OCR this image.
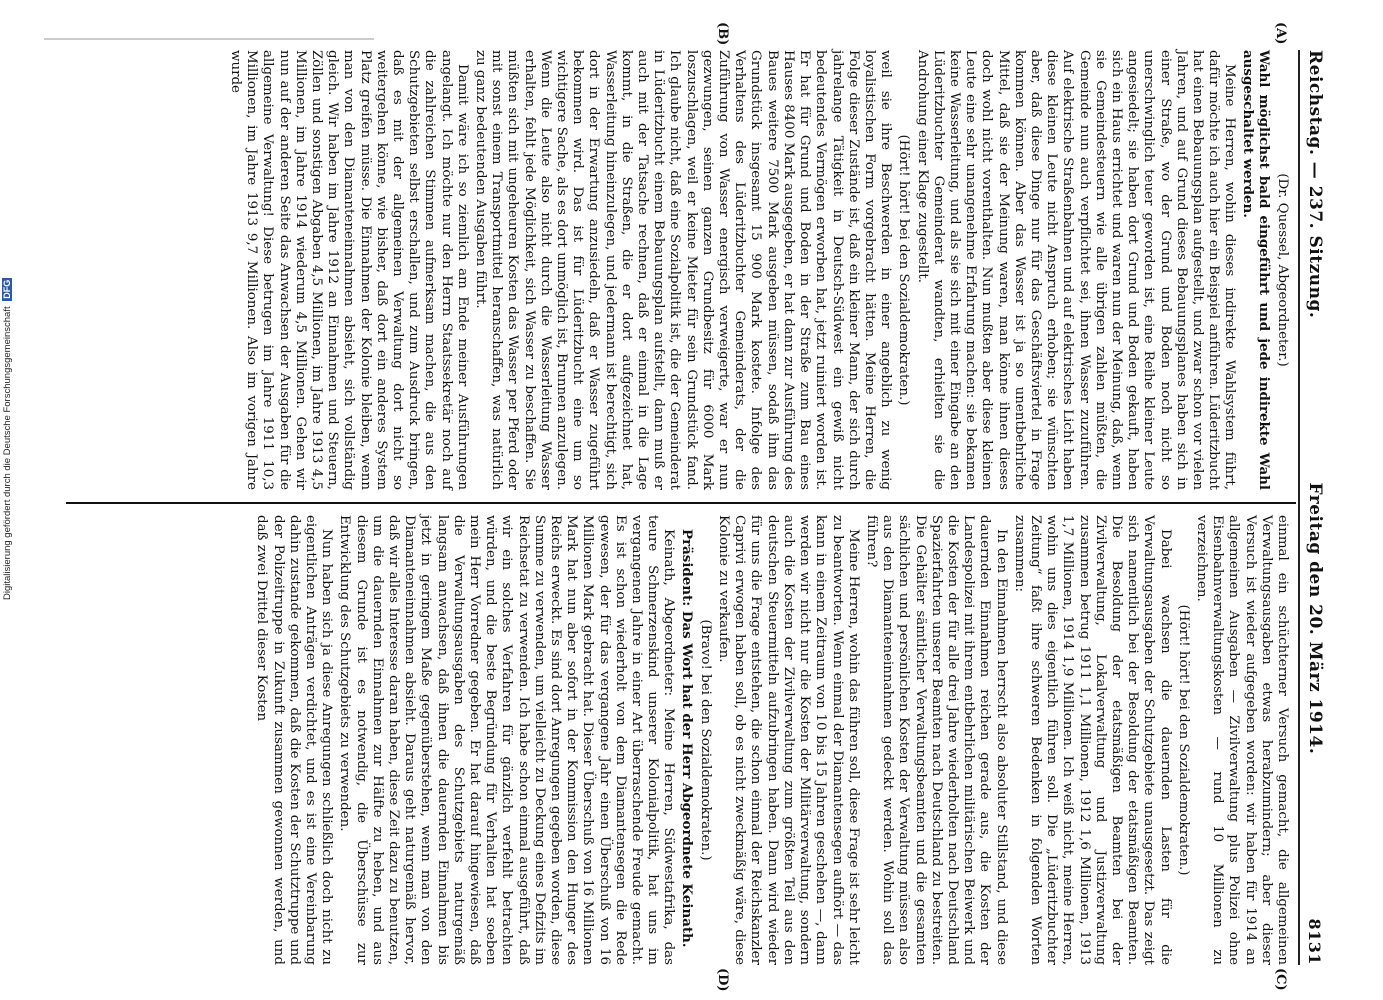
Digitalisierung gefördert durch die Deutsche Forschungsgemeinschaft DFG	Reichstag. — 237. Sitzung.
Freitag den 20. März 1914.
8131
(A)
(B)
(C)
(D)

(Dr. Quessel, Abgeordneter.)

Wahl möglichst bald eingeführt und jede indirekte Wahl ausgeschaltet werden.

Meine Herren, wohin dieses indirekte Wahlsystem führt, dafür möchte ich auch hier ein Beispiel anführen. Lüderitzbucht hat einen Bebauungsplan aufgestellt, und zwar schon vor vielen Jahren, und auf Grund dieses Bebauungsplanes haben sich in einer Straße, wo der Grund und Boden noch nicht so unerschwinglich teuer geworden ist, eine Reihe kleiner Leute angesiedelt; sie haben dort Grund und Boden gekauft, haben sich ein Haus errichtet und waren nun der Meinung, daß, wenn sie Gemeindesteuern wie alle übrigen zahlen müßten, die Gemeinde nun auch verpflichtet sei, ihnen Wasser zuzuführen. Auf elektrische Straßenbahnen und auf elektrisches Licht haben diese kleinen Leute nicht Anspruch erhoben; sie wünschten aber, daß diese Dinge nur für das Geschäftsviertel in Frage kommen können. Aber das Wasser ist ja so unentbehrliche Mittel, daß sie der Meinung waren, man könne ihnen dieses doch wohl nicht vorenthalten. Nun mußten aber diese kleinen Leute eine sehr unangenehme Erfahrung machen: sie bekamen keine Wasserleitung, und als sie sich mit einer Eingabe an den Lüderitzbuchter Gemeinderat wandten, erhielten sie die Androhung einer Klage zugestellt.

(Hört! hört! bei den Sozialdemokraten.)

weil sie ihre Beschwerden in einer angeblich zu wenig loyalistischen Form vorgebracht hätten. Meine Herren, die Folge dieser Zustände ist, daß ein kleiner Mann, der sich durch jahrelange Tätigkeit in Deutsch-Südwest ein gewiß nicht bedeutendes Vermögen erworben hat, jetzt ruiniert worden ist. Er hat für Grund und Boden in der Straße zum Bau eines Hauses 8400 Mark ausgegeben, er hat dann zur Ausführung des Baues weitere 7500 Mark ausgeben müssen, sodaß ihm das Grundstück insgesamt 15 900 Mark kostete. Infolge des Verhaltens des Lüderitzbuchter Gemeinderats, der die Zuführung von Wasser energisch verweigerte, war er nun gezwungen, seinen ganzen Grundbesitz für 6000 Mark loszuschlagen, weil er keine Mieter für sein Grundstück fand. Ich glaube nicht, daß eine Sozialpolitik ist, die der Gemeinderat in Lüderitzbucht einem Bebauungsplan aufstellt, dann muß er auch mit der Tatsache rechnen, daß er einmal in die Lage kommt, in die Straßen, die er dort aufgezeichnet hat, Wasserleitung hineinzulegen, und jedermann ist berechtigt, sich dort in der Erwartung anzusiedeln, daß er Wasser zugeführt bekommen wird. Das ist für Lüderitzbucht eine um so wichtigere Sache, als es dort unmöglich ist, Brunnen anzulegen. Wenn die Leute also nicht durch die Wasserleitung Wasser erhalten, fehlt jede Möglichkeit, sich Wasser zu beschaffen. Sie müßten sich mit ungeheuren Kosten das Wasser per Pferd oder mit sonst einem Transportmittel heranschaffen, was natürlich zu ganz bedeutenden Ausgaben führt.

Damit wäre ich so ziemlich am Ende meiner Ausführungen angelangt. Ich möchte nur den Herrn Staatssekretär noch auf die zahlreichen Stimmen aufmerksam machen, die aus den Schutzgebieten selbst erschallen, und zum Ausdruck bringen, daß es mit der allgemeinen Verwaltung dort nicht so weitergehen könne, wie bisher, daß dort ein anderes System Platz greifen müsse. Die Einnahmen der Kolonie bleiben, wenn man von den Diamanteneinnahmen absieht, sich vollständig gleich. Wir haben im Jahre 1912 an Einnahmen und Steuern, Zöllen und sonstigen Abgaben 4,5 Millionen, im Jahre 1913 4,5 Millionen, im Jahre 1914 wiederum 4,5 Millionen. Gehen wir nun auf der anderen Seite das Anwachsen der Ausgaben für die allgemeine Verwaltung! Diese betrugen im Jahre 1911 10,3 Millionen, im Jahre 1913 9,7 Millionen. Also im vorigen Jahre wurde

einmal ein schüchterner Versuch gemacht, die allgemeinen Verwaltungsausgaben etwas herabzumindern; aber dieser Versuch ist wieder aufgegeben worden: wir haben für 1914 an allgemeinen Ausgaben — Zivilverwaltung plus Polizei ohne Eisenbahnverwaltungskosten — rund 10 Millionen zu verzeichnen.

(Hört! hört! bei den Sozialdemokraten.)

Dabei wachsen die dauernden Lasten für die Verwaltungsausgaben der Schutzgebiete unausgesetzt. Das zeigt sich namentlich bei der Besoldung der etatsmäßigen Beamten. Die Besoldung der etatsmäßigen Beamten bei der Zivilverwaltung, Lokalverwaltung und Justizverwaltung zusammen betrug 1911 1,1 Millionen, 1912 1,6 Millionen, 1913 1,7 Millionen, 1914 1,9 Millionen. Ich weiß nicht, meine Herren, wohin uns dies eigentlich führen soll. Die „Lüderitzbuchter Zeitung“ faßt ihre schweren Bedenken in folgenden Worten zusammen:

In den Einnahmen herrscht also absoluter Stillstand, und diese dauernden Einnahmen reichen gerade aus, die Kosten der Landespolizei mit ihrem entbehrlichen militärischen Beiwerk und die Kosten der für alle drei Jahre wiederholten nach Deutschland Spazierfahrten unserer Beamten nach Deutschland zu bestreiten. Die Gehälter sämtlicher Verwaltungsbeamten und die gesamten sächlichen und persönlichen Kosten der Verwaltung müssen also aus den Diamanteneinnahmen gedeckt werden. Wohin soll das führen?

Meine Herren, wohin das führen soll, diese Frage ist sehr leicht zu beantworten. Wenn einmal der Diamantensegen aufhört — das kann in einem Zeitraum von 10 bis 15 Jahren geschehen —, dann werden wir nicht nur die Kosten der Militärverwaltung, sondern auch die Kosten der Zivilverwaltung zum größten Teil aus den deutschen Steuermitteln aufzubringen haben. Dann wird wieder für uns die Frage entstehen, die schon einmal der Reichskanzler Caprivi erwogen haben soll, ob es nicht zweckmäßig wäre, diese Kolonie zu verkaufen.

(Bravo! bei den Sozialdemokraten.)

Präsident: Das Wort hat der Herr Abgeordnete Keinath.

Keinath, Abgeordneter: Meine Herren, Südwestafrika, das teure Schmerzenskind unserer Kolonialpolitik, hat uns im vergangenen Jahre in einer Art überraschende Freude gemacht. Es ist schon wiederholt von dem Diamantensegen die Rede gewesen, der für das vergangene Jahr einen Überschuß von 16 Millionen Mark gebracht hat. Dieser Überschuß von 16 Millionen Mark hat nun aber sofort in der Kommission den Hunger des Reichs erweckt. Es sind dort Anregungen gegeben worden, diese Summe zu verwenden, um vielleicht zu Deckung eines Defizits im Reichsetat zu verwenden. Ich habe schon einmal ausgeführt, daß wir ein solches Verfahren für gänzlich verfehlt betrachten würden, und die beste Begründung für Verhalten hat soeben mein Herr Vorredner gegeben. Er hat darauf hingewiesen, daß die Verwaltungsausgaben des Schutzgebiets naturgemäß langsam anwachsen, daß ihnen die dauernden Einnahmen bis jetzt in geringem Maße gegenüberstehen, wenn man von den Diamanteneinnahmen absieht. Daraus geht naturgemäß hervor, daß wir alles Interesse daran haben, diese Zeit dazu zu benutzen, um die dauernden Einnahmen zur Hälfte zu heben, und aus diesem Grunde ist es notwendig, die Überschüsse zur Entwicklung des Schutzgebiets zu verwenden.

Nun haben sich ja diese Anregungen schließlich doch nicht zu eigentlichen Anträgen verdichtet, und es ist eine Vereinbarung dahin zustande gekommen, daß die Kosten der Schutztruppe und der Polizeitruppe in Zukunft zusammen gewonnen werden, und daß zwei Drittel dieser Kosten
